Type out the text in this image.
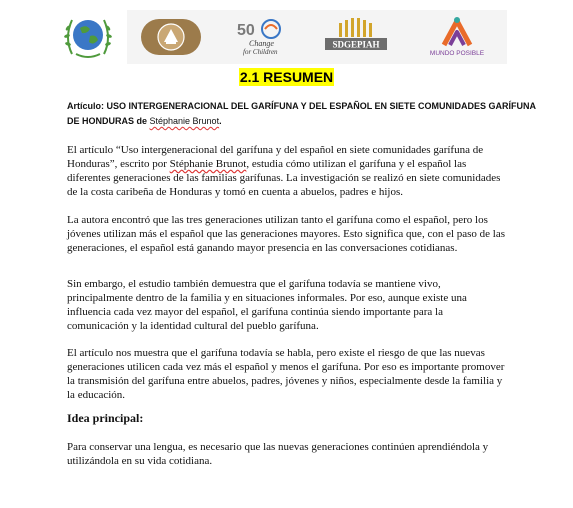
50
Change
for Children
SDGEPIAH
MUNDO POSIBLE
2.1 RESUMEN
Artículo: USO INTERGENERACIONAL DEL GARÍFUNA Y DEL ESPAÑOL EN SIETE COMUNIDADES GARÍFUNA DE HONDURAS de Stéphanie Brunot.

El artículo “Uso intergeneracional del garífuna y del español en siete comunidades garífuna de Honduras”, escrito por Stéphanie Brunot, estudia cómo utilizan el garífuna y el español las diferentes generaciones de las familias garífunas. La investigación se realizó en siete comunidades de la costa caribeña de Honduras y tomó en cuenta a abuelos, padres e hijos.

La autora encontró que las tres generaciones utilizan tanto el garífuna como el español, pero los jóvenes utilizan más el español que las generaciones mayores. Esto significa que, con el paso de las generaciones, el español está ganando mayor presencia en las conversaciones cotidianas.

Sin embargo, el estudio también demuestra que el garífuna todavía se mantiene vivo, principalmente dentro de la familia y en situaciones informales. Por eso, aunque existe una influencia cada vez mayor del español, el garífuna continúa siendo importante para la comunicación y la identidad cultural del pueblo garífuna.

El artículo nos muestra que el garífuna todavía se habla, pero existe el riesgo de que las nuevas generaciones utilicen cada vez más el español y menos el garífuna. Por eso es importante promover la transmisión del garífuna entre abuelos, padres, jóvenes y niños, especialmente desde la familia y la educación.

Idea principal:

Para conservar una lengua, es necesario que las nuevas generaciones continúen aprendiéndola y utilizándola en su vida cotidiana.
